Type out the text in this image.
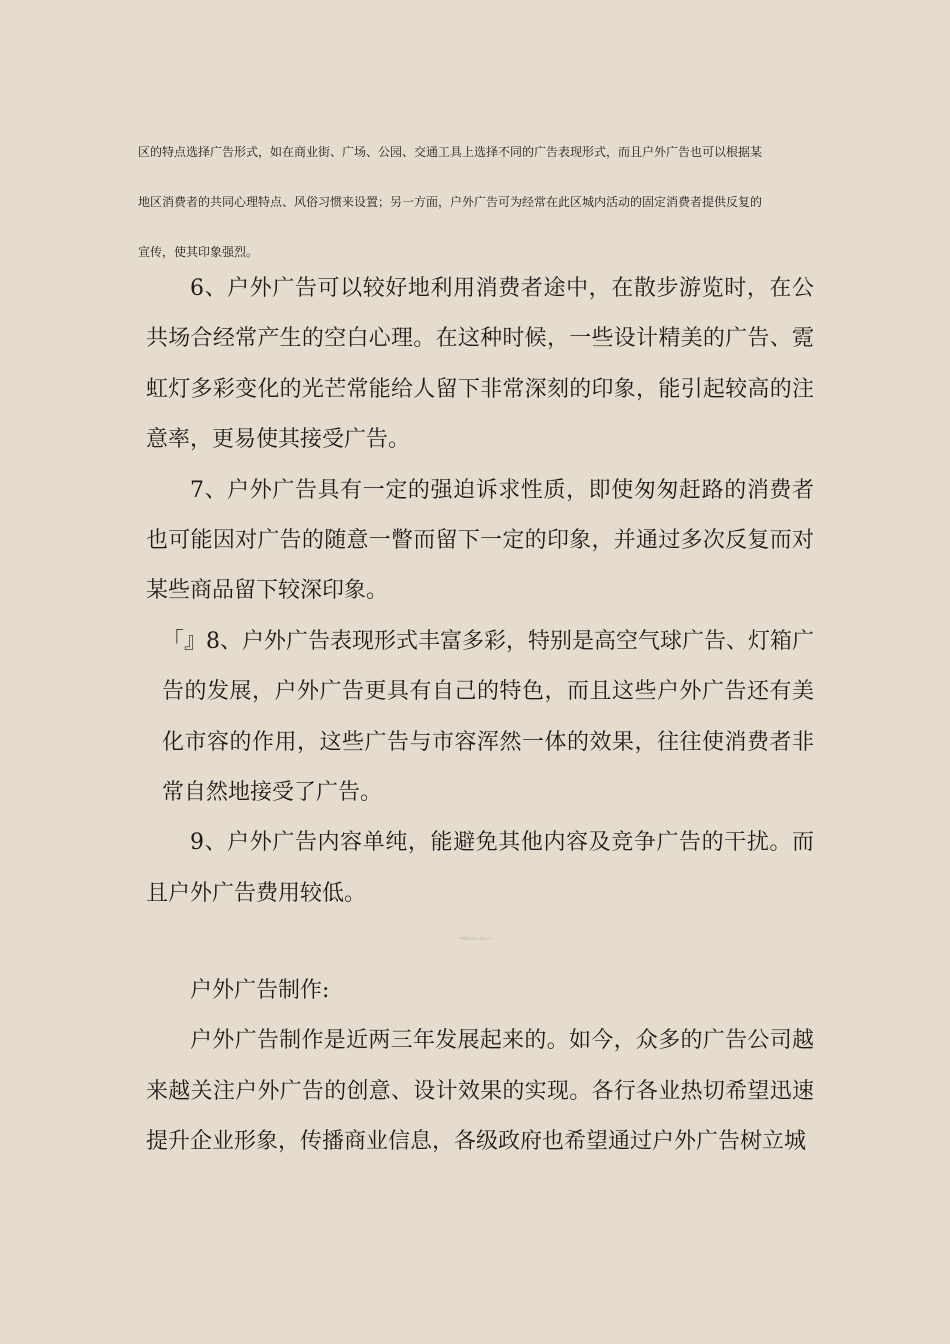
区的特点选择广告形式，如在商业街、广场、公园、交通工具上选择不同的广告表现形式，而且户外广告也可以根据某
地区消费者的共同心理特点、风俗习惯来设置；另一方面，户外广告可为经常在此区城内活动的固定消费者提供反复的
宣传，使其印象强烈。

6、户外广告可以较好地利用消费者途中，在散步游览时，在公共场合经常产生的空白心理。在这种时候，一些设计精美的广告、霓虹灯多彩变化的光芒常能给人留下非常深刻的印象，能引起较高的注意率，更易使其接受广告。

7、户外广告具有一定的强迫诉求性质，即使匆匆赶路的消费者也可能因对广告的随意一瞥而留下一定的印象，并通过多次反复而对某些商品留下较深印象。

「』8、户外广告表现形式丰富多彩，特别是高空气球广告、灯箱广告的发展，户外广告更具有自己的特色，而且这些户外广告还有美化市容的作用，这些广告与市容浑然一体的效果，往往使消费者非常自然地接受了广告。

9、户外广告内容单纯，能避免其他内容及竞争广告的干扰。而且户外广告费用较低。

•Word•.doc•

户外广告制作:

户外广告制作是近两三年发展起来的。如今，众多的广告公司越来越关注户外广告的创意、设计效果的实现。各行各业热切希望迅速提升企业形象，传播商业信息，各级政府也希望通过户外广告树立城
